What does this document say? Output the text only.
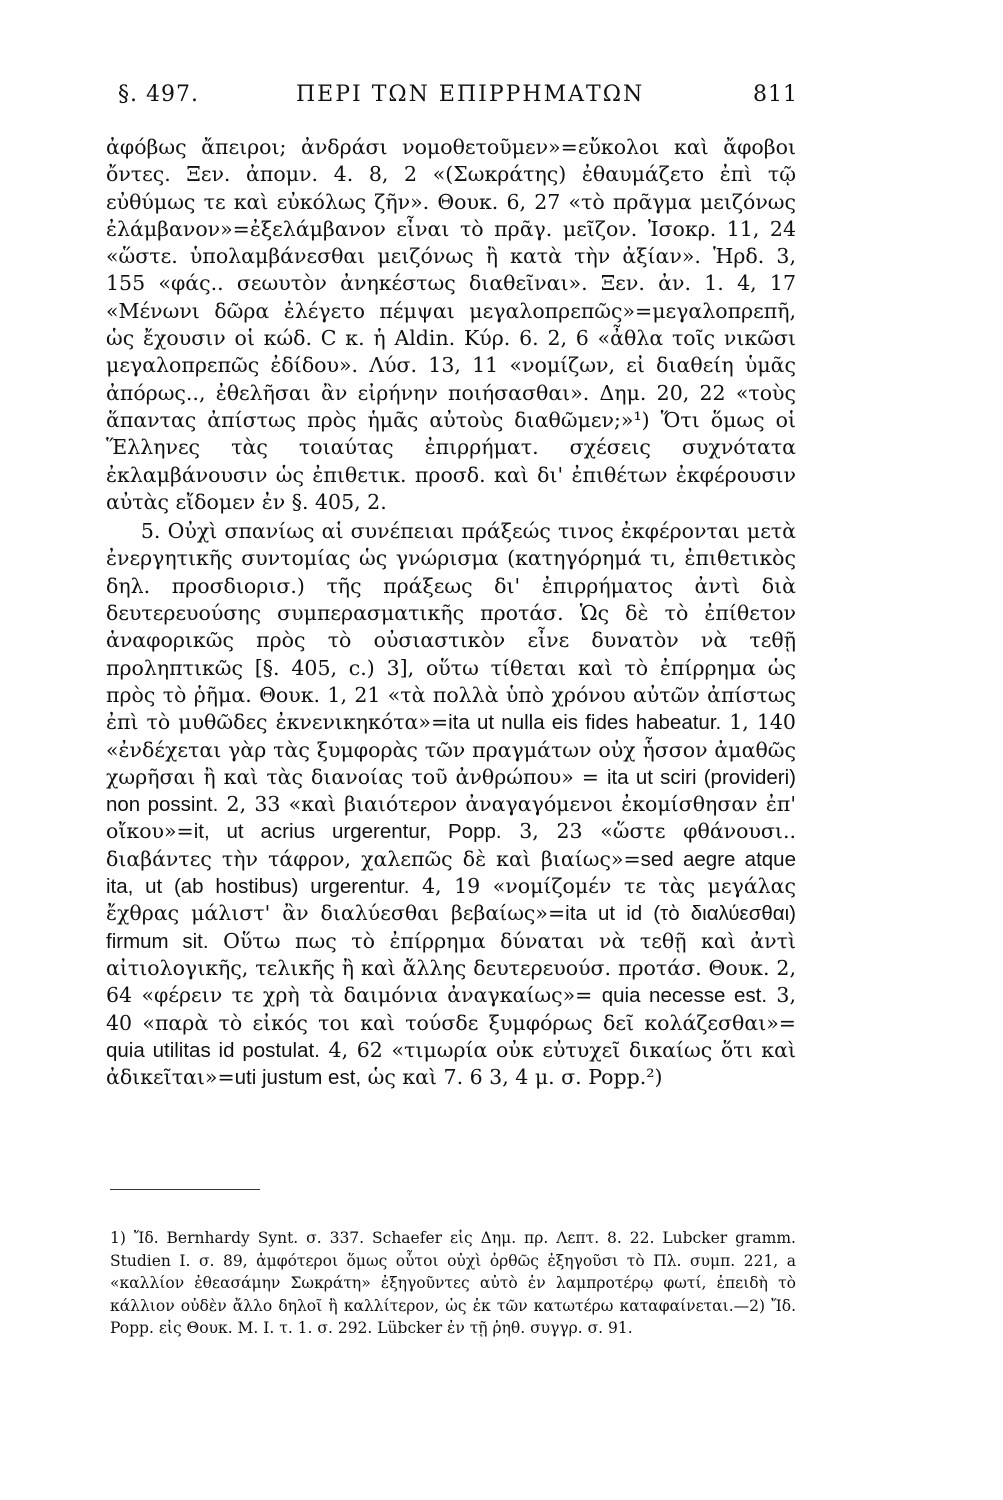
§. 497.	ΠΕΡΙ ΤΩΝ ΕΠΙΡΡΗΜΑΤΩΝ	811

ἀφόβως ἄπειροι; ἀνδράσι νομοθετοῦμεν»=εὔκολοι καὶ ἄφοβοι ὄντες. Ξεν. ἀπομν. 4. 8, 2 «(Σωκράτης) ἐθαυμάζετο ἐπὶ τῷ εὐθύμως τε καὶ εὐκόλως ζῆν». Θουκ. 6, 27 «τὸ πρᾶγμα μειζόνως ἐλάμβανον»=ἐξελάμβανον εἶναι τὸ πρᾶγ. μεῖζον. Ἰσοκρ. 11, 24 «ὥστε. ὑπολαμβάνεσθαι μειζόνως ἢ κατὰ τὴν ἀξίαν». Ἡρδ. 3, 155 «φάς.. σεωυτὸν ἀνηκέστως διαθεῖναι». Ξεν. ἀν. 1. 4, 17 «Μένωνι δῶρα ἐλέγετο πέμψαι μεγαλοπρεπῶς»=μεγαλοπρεπῆ, ὡς ἔχουσιν οἱ κώδ. C κ. ἡ Aldin. Κύρ. 6. 2, 6 «ἆθλα τοῖς νικῶσι μεγαλοπρεπῶς ἐδίδου». Λύσ. 13, 11 «νομίζων, εἰ διαθείη ὑμᾶς ἀπόρως.., ἐθελῆσαι ἂν εἰρήνην ποιήσασθαι». Δημ. 20, 22 «τοὺς ἅπαντας ἀπίστως πρὸς ἡμᾶς αὐτοὺς διαθῶμεν;»¹) Ὅτι ὅμως οἱ Ἕλληνες τὰς τοιαύτας ἐπιρρήματ. σχέσεις συχνότατα ἐκλαμβάνουσιν ὡς ἐπιθετικ. προσδ. καὶ δι' ἐπιθέτων ἐκφέρουσιν αὐτὰς εἴδομεν ἐν §. 405, 2.

5. Οὐχὶ σπανίως αἱ συνέπειαι πράξεώς τινος ἐκφέρονται μετὰ ἐνεργητικῆς συντομίας ὡς γνώρισμα (κατηγόρημά τι, ἐπιθετικὸς δηλ. προσδιορισ.) τῆς πράξεως δι' ἐπιρρήματος ἀντὶ διὰ δευτερευούσης συμπερασματικῆς προτάσ. Ὡς δὲ τὸ ἐπίθετον ἀναφορικῶς πρὸς τὸ οὐσιαστικὸν εἶνε δυνατὸν νὰ τεθῇ προληπτικῶς [§. 405, c.) 3], οὕτω τίθεται καὶ τὸ ἐπίρρημα ὡς πρὸς τὸ ῥῆμα. Θουκ. 1, 21 «τὰ πολλὰ ὑπὸ χρόνου αὐτῶν ἀπίστως ἐπὶ τὸ μυθῶδες ἐκνενικηκότα»=ita ut nulla eis fides habeatur. 1, 140 «ἐνδέχεται γὰρ τὰς ξυμφορὰς τῶν πραγμάτων οὐχ ἧσσον ἀμαθῶς χωρῆσαι ἢ καὶ τὰς διανοίας τοῦ ἀνθρώπου» = ita ut sciri (provideri) non possint. 2, 33 «καὶ βιαιότερον ἀναγαγόμενοι ἐκομίσθησαν ἐπ' οἴκου»=it, ut acrius urgerentur, Popp. 3, 23 «ὥστε φθάνουσι.. διαβάντες τὴν τάφρον, χαλεπῶς δὲ καὶ βιαίως»=sed aegre atque ita, ut (ab hostibus) urgerentur. 4, 19 «νομίζομέν τε τὰς μεγάλας ἔχθρας μάλιστ' ἂν διαλύεσθαι βεβαίως»=ita ut id (τὸ διαλύεσθαι) firmum sit. Οὕτω πως τὸ ἐπίρρημα δύναται νὰ τεθῇ καὶ ἀντὶ αἰτιολογικῆς, τελικῆς ἢ καὶ ἄλλης δευτερευούσ. προτάσ. Θουκ. 2, 64 «φέρειν τε χρὴ τὰ δαιμόνια ἀναγκαίως»= quia necesse est. 3, 40 «παρὰ τὸ εἰκός τοι καὶ τούσδε ξυμφόρως δεῖ κολάζεσθαι»= quia utilitas id postulat. 4, 62 «τιμωρία οὐκ εὐτυχεῖ δικαίως ὅτι καὶ ἀδικεῖται»=uti justum est, ὡς καὶ 7. 6 3, 4 μ. σ. Popp.²)

1) Ἴδ. Bernhardy Synt. σ. 337. Schaefer εἰς Δημ. πρ. Λεπτ. 8. 22. Lubcker gramm. Studien I. σ. 89, ἀμφότεροι ὅμως οὗτοι οὐχὶ ὀρθῶς ἐξηγοῦσι τὸ Πλ. συμπ. 221, a «καλλίον ἐθεασάμην Σωκράτη» ἐξηγοῦντες αὐτὸ ἐν λαμπροτέρῳ φωτί, ἐπειδὴ τὸ κάλλιον οὐδὲν ἄλλο δηλοῖ ἢ καλλίτερον, ὡς ἐκ τῶν κατωτέρω καταφαίνεται.—2) Ἴδ. Popp. εἰς Θουκ. Μ. Ι. τ. 1. σ. 292. Lübcker ἐν τῇ ῥηθ. συγγρ. σ. 91.
